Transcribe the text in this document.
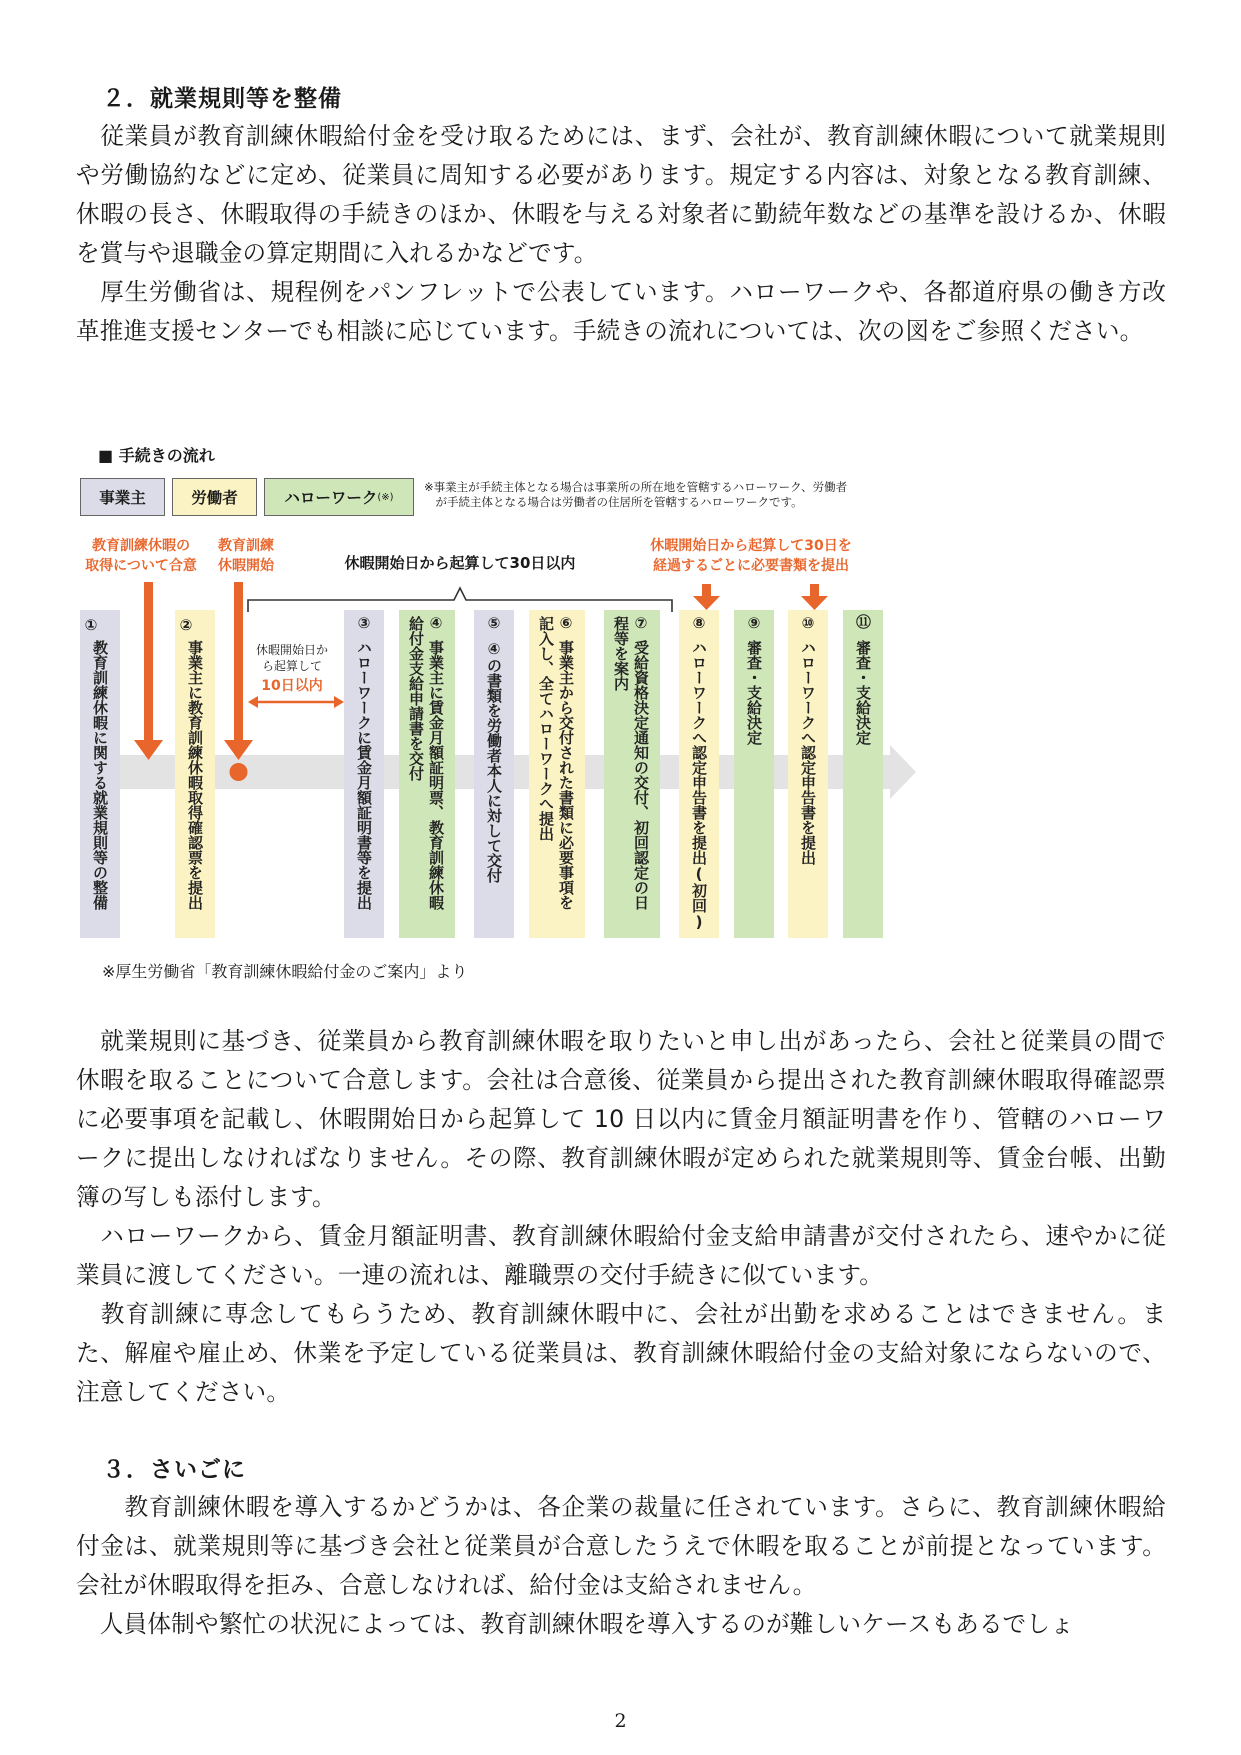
２．就業規則等を整備

　従業員が教育訓練休暇給付金を受け取るためには、まず、会社が、教育訓練休暇について就業規則や労働協約などに定め、従業員に周知する必要があります。規定する内容は、対象となる教育訓練、休暇の長さ、休暇取得の手続きのほか、休暇を与える対象者に勤続年数などの基準を設けるか、休暇を賞与や退職金の算定期間に入れるかなどです。

　厚生労働省は、規程例をパンフレットで公表しています。ハローワークや、各都道府県の働き方改革推進支援センターでも相談に応じています。手続きの流れについては、次の図をご参照ください。

■ 手続きの流れ
事業主	労働者	ハローワーク (※)
※事業主が手続主体となる場合は事業所の所在地を管轄するハローワーク、労働者
　が手続主体となる場合は労働者の住居所を管轄するハローワークです。
教育訓練休暇の
取得について合意
教育訓練
休暇開始	休暇開始日から起算して30日以内
休暇開始日から起算して30日を
経過するごとに必要書類を提出
休暇開始日か
ら起算して
10日以内
①
教育訓練休暇に関する就業規則等の整備
②
事業主に教育訓練休暇取得確認票を提出	ハローワークに賃金月額証明書等を提出
③	④
事業主に賃金月額証明票、教育訓練休暇
給付金支給申請書を交付	⑤
④の書類を労働者本人に対して交付
⑥
事業主から交付された書類に必要事項を
記入し、全てハローワークへ提出	⑦
受給資格決定通知の交付、初回認定の日
程等を案内	⑧
ハローワークへ認定申告書を提出(初回)
⑨
審査・支給決定
⑩
ハローワークへ認定申告書を提出
⑪
審査・支給決定
※厚生労働省「教育訓練休暇給付金のご案内」より

　就業規則に基づき、従業員から教育訓練休暇を取りたいと申し出があったら、会社と従業員の間で休暇を取ることについて合意します。会社は合意後、従業員から提出された教育訓練休暇取得確認票に必要事項を記載し、休暇開始日から起算して 10 日以内に賃金月額証明書を作り、管轄のハローワークに提出しなければなりません。その際、教育訓練休暇が定められた就業規則等、賃金台帳、出勤簿の写しも添付します。

　ハローワークから、賃金月額証明書、教育訓練休暇給付金支給申請書が交付されたら、速やかに従業員に渡してください。一連の流れは、離職票の交付手続きに似ています。

　教育訓練に専念してもらうため、教育訓練休暇中に、会社が出勤を求めることはできません。また、解雇や雇止め、休業を予定している従業員は、教育訓練休暇給付金の支給対象にならないので、注意してください。

３．さいごに

　　教育訓練休暇を導入するかどうかは、各企業の裁量に任されています。さらに、教育訓練休暇給付金は、就業規則等に基づき会社と従業員が合意したうえで休暇を取ることが前提となっています。会社が休暇取得を拒み、合意しなければ、給付金は支給されません。

　人員体制や繁忙の状況によっては、教育訓練休暇を導入するのが難しいケースもあるでしょ

2
